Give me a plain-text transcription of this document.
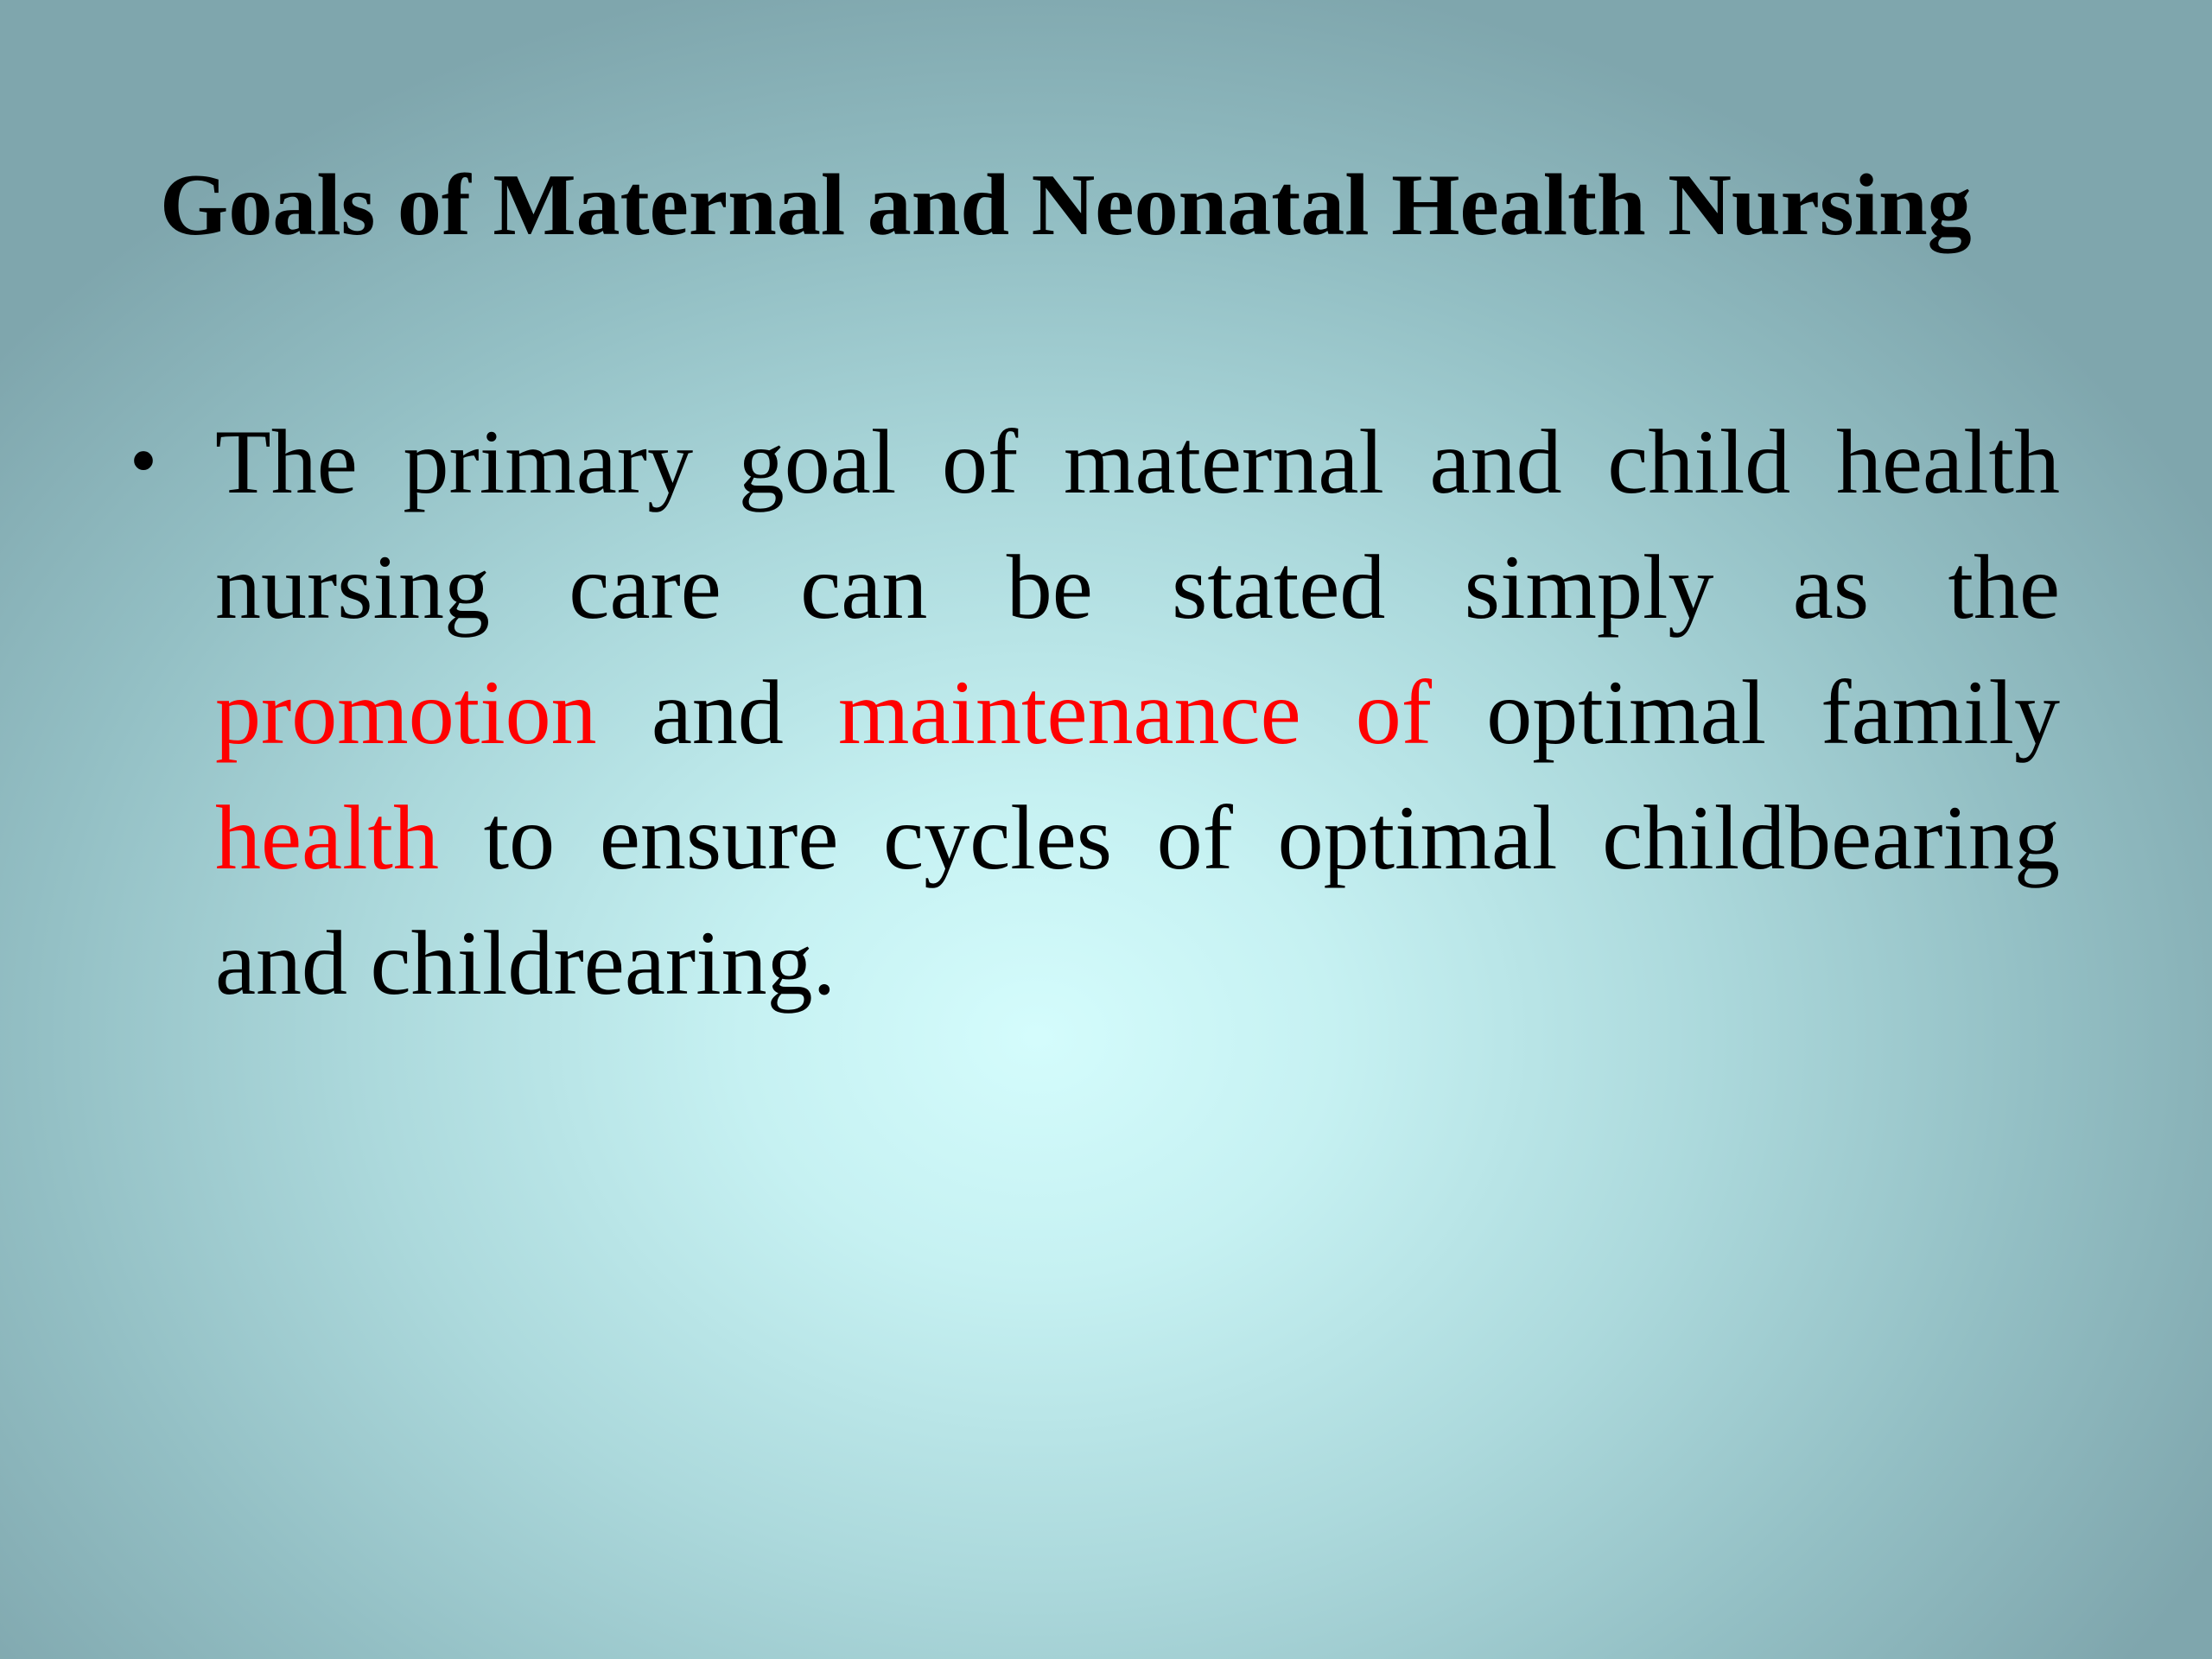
Goals of Maternal and Neonatal Health Nursing
• The primary goal of maternal and child health nursing care can be stated simply as the promotion and maintenance of optimal family health to ensure cycles of optimal childbearing and childrearing.
